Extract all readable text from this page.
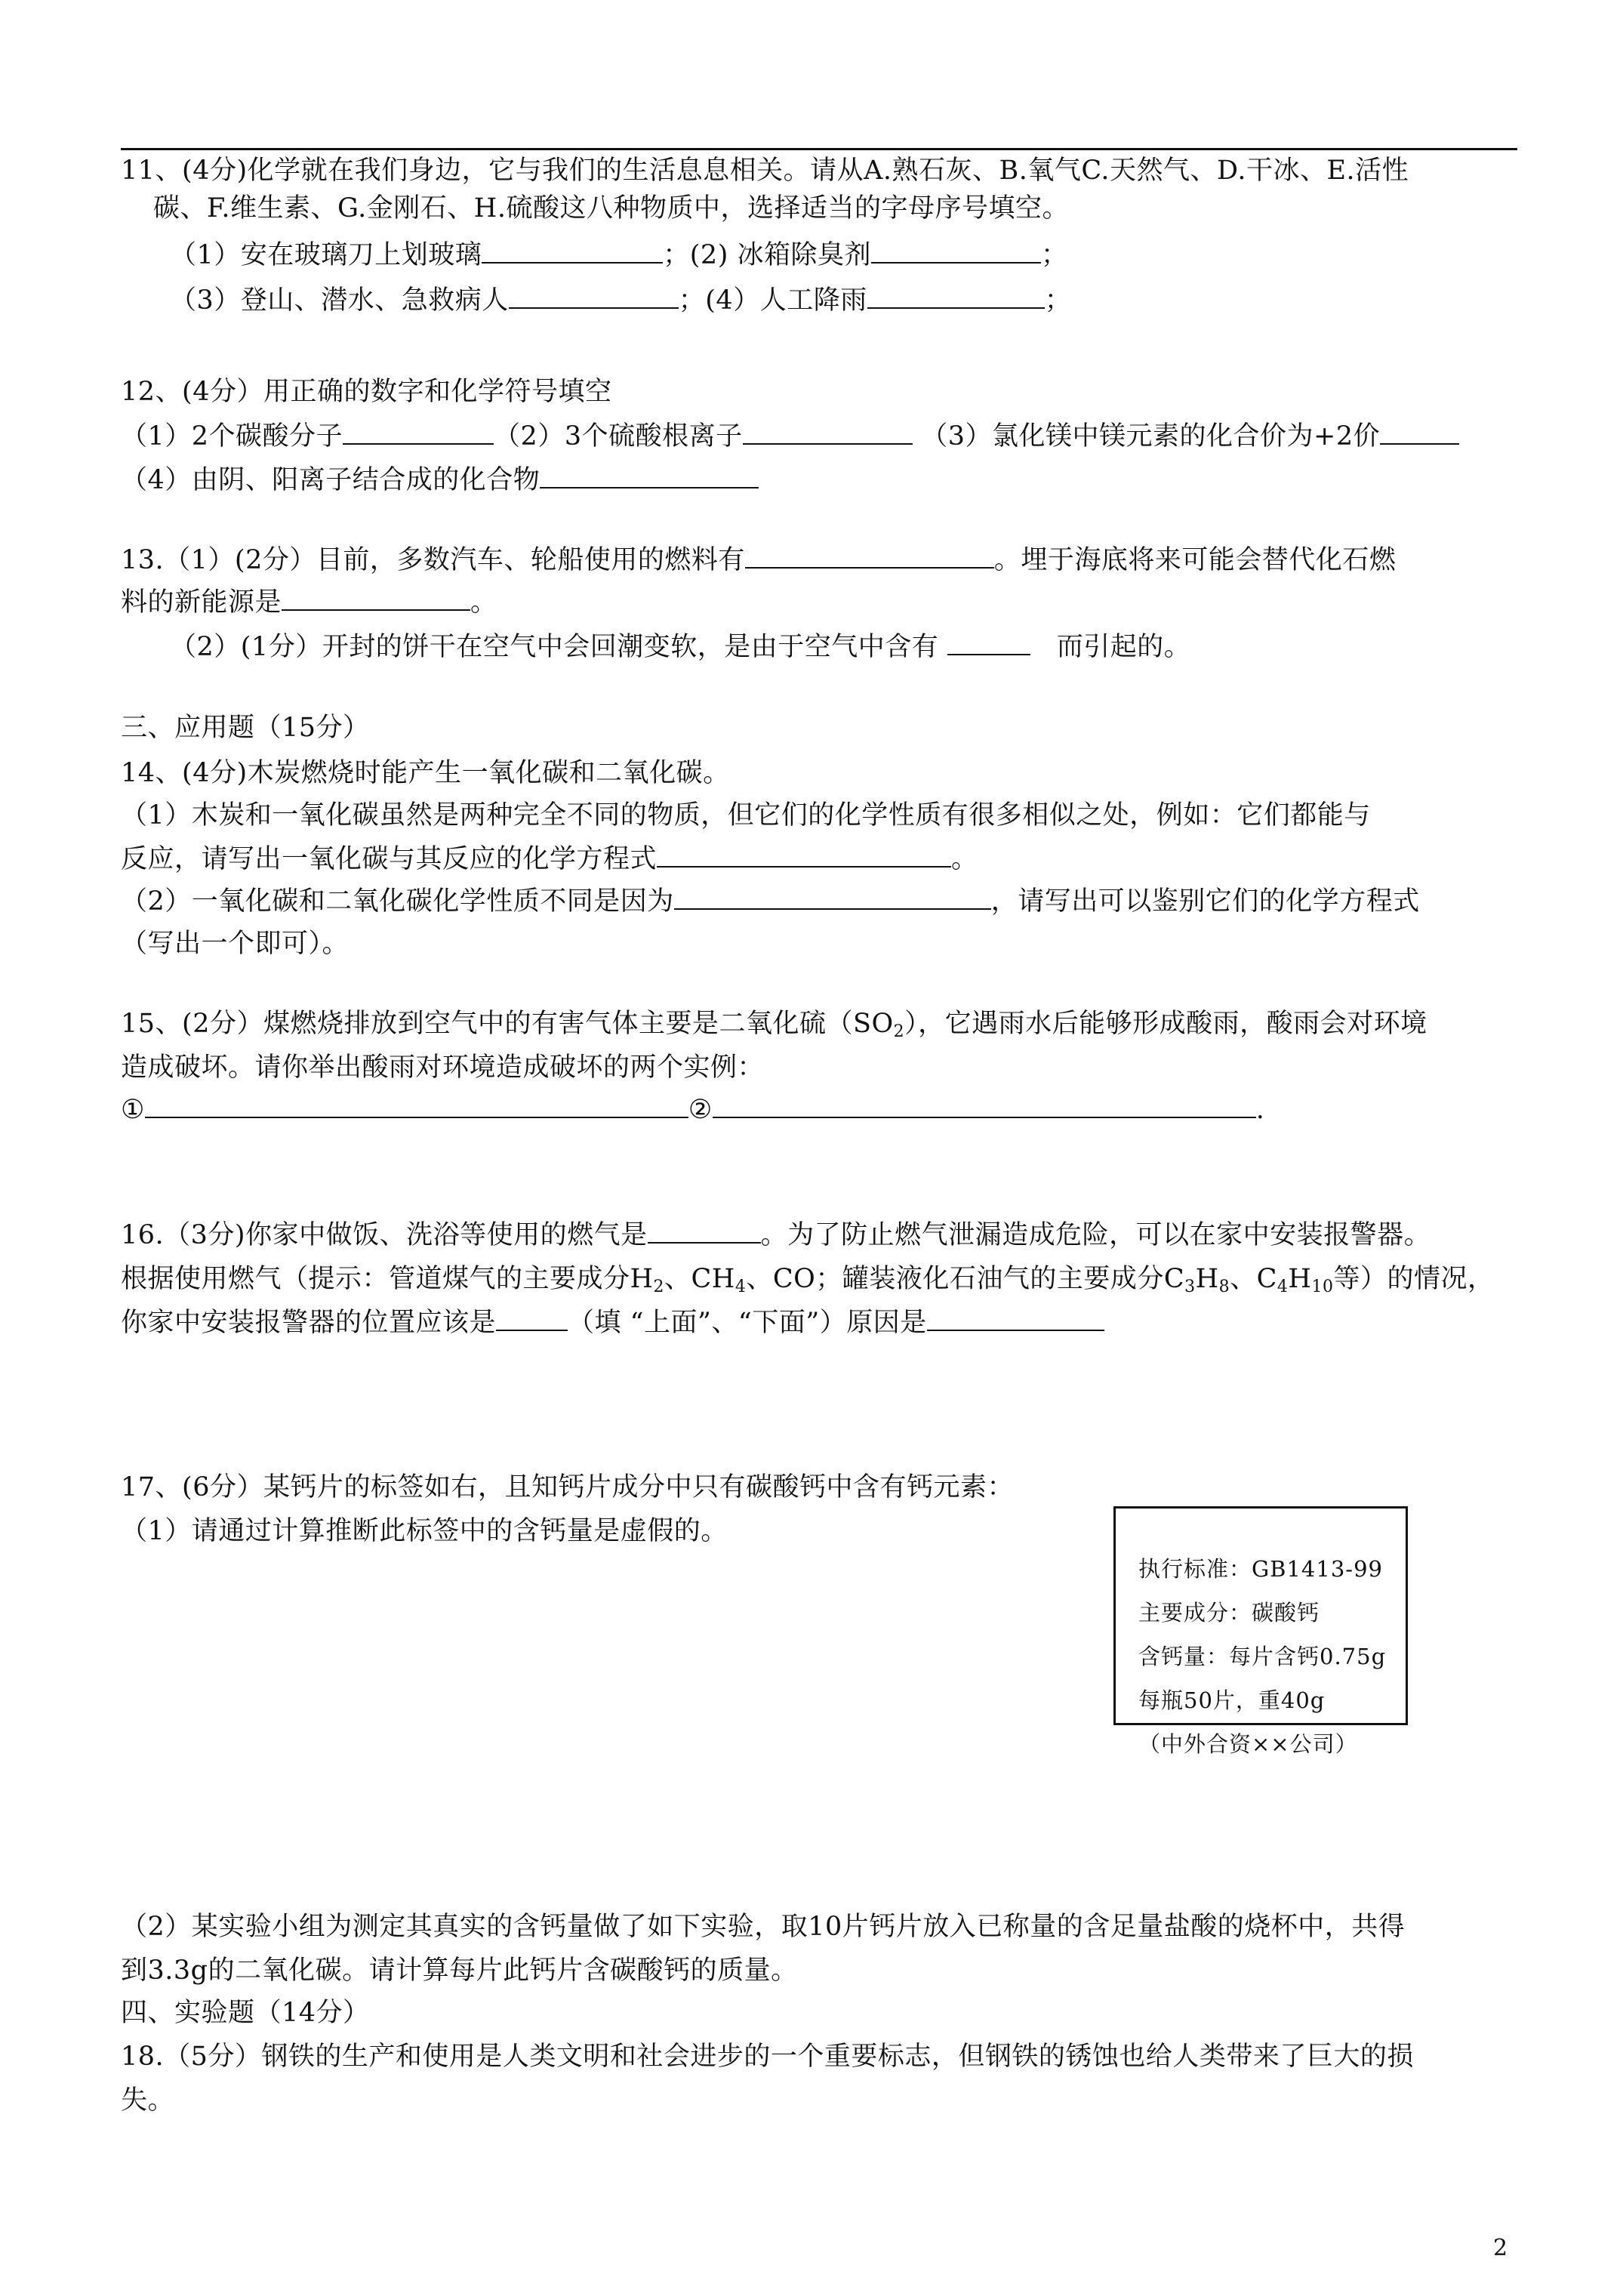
11、(4分)化学就在我们身边，它与我们的生活息息相关。请从A.熟石灰、B.氧气C.天然气、D.干冰、E.活性
碳、F.维生素、G.金刚石、H.硫酸这八种物质中，选择适当的字母序号填空。
（1）安在玻璃刀上划玻璃	；(2) 冰箱除臭剂	；
（3）登山、潜水、急救病人	；(4）人工降雨	；
12、(4分）用正确的数字和化学符号填空
（1）2个碳酸分子	（2）3个硫酸根离子	（3）氯化镁中镁元素的化合价为+2价
（4）由阴、阳离子结合成的化合物
13.（1）(2分）目前，多数汽车、轮船使用的燃料有	。埋于海底将来可能会替代化石燃
料的新能源是	。
（2）(1分）开封的饼干在空气中会回潮变软，是由于空气中含有	而引起的。
三、应用题（15分）
14、(4分)木炭燃烧时能产生一氧化碳和二氧化碳。
（1）木炭和一氧化碳虽然是两种完全不同的物质，但它们的化学性质有很多相似之处，例如：它们都能与
反应，请写出一氧化碳与其反应的化学方程式	。
（2）一氧化碳和二氧化碳化学性质不同是因为	，请写出可以鉴别它们的化学方程式
（写出一个即可）。
15、(2分）煤燃烧排放到空气中的有害气体主要是二氧化硫$(SO_2)$，它遇雨水后能够形成酸雨，酸雨会对环境
造成破坏。请你举出酸雨对环境造成破坏的两个实例：
①	②	.
16.（3分)你家中做饭、洗浴等使用的燃气是	。为了防止燃气泄漏造成危险，可以在家中安装报警器。
根据使用燃气（提示：管道煤气的主要成分$H_2$、$CH_4$、CO；罐装液化石油气的主要成分$C_3H_8$、$C_4H_{10}$等）的情况，
你家中安装报警器的位置应该是	（填 “上面”、“下面”）原因是
17、(6分）某钙片的标签如右，且知钙片成分中只有碳酸钙中含有钙元素：
（1）请通过计算推断此标签中的含钙量是虚假的。
执行标准：GB1413-99
主要成分：碳酸钙
含钙量：每片含钙0.75g
每瓶50片，重40g
（中外合资××公司）
（2）某实验小组为测定其真实的含钙量做了如下实验，取10片钙片放入已称量的含足量盐酸的烧杯中，共得
到3.3g的二氧化碳。请计算每片此钙片含碳酸钙的质量。
四、实验题（14分）
18.（5分）钢铁的生产和使用是人类文明和社会进步的一个重要标志，但钢铁的锈蚀也给人类带来了巨大的损
失。
2
